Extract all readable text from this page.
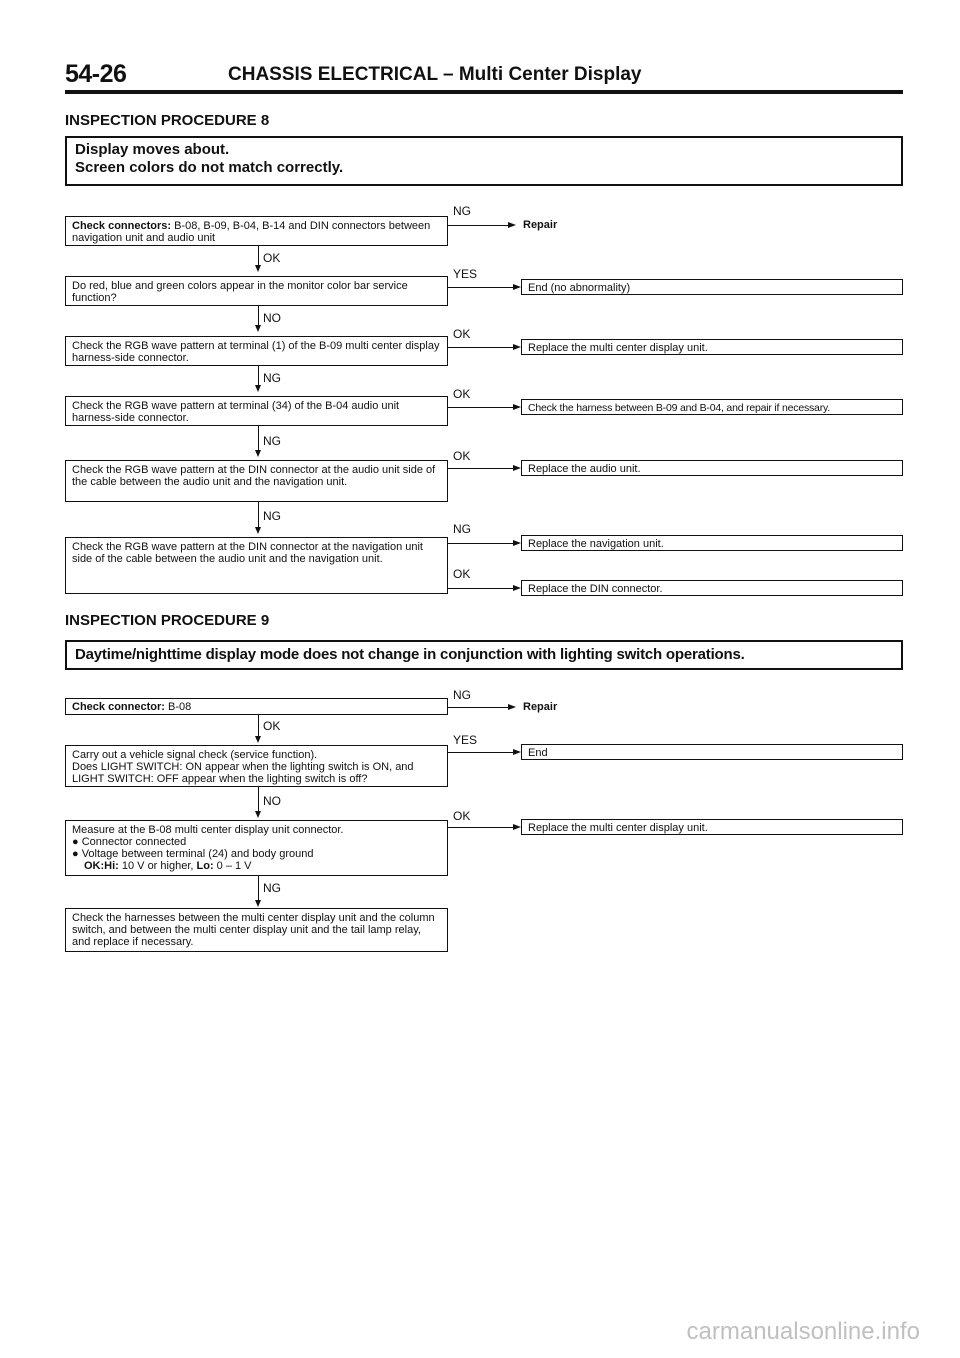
54-26	CHASSIS ELECTRICAL – Multi Center Display
INSPECTION PROCEDURE 8
Display moves about.
Screen colors do not match correctly.
Check connectors: B-08, B-09, B-04, B-14 and DIN connectors between navigation unit and audio unit
NG
Repair
OK
Do red, blue and green colors appear in the monitor color bar service function?
YES
End (no abnormality)
NO
Check the RGB wave pattern at terminal (1) of the B-09 multi center display harness-side connector.
OK
Replace the multi center display unit.
NG
Check the RGB wave pattern at terminal (34) of the B-04 audio unit harness-side connector.
OK
Check the harness between B-09 and B-04, and repair if necessary.
NG
Check the RGB wave pattern at the DIN connector at the audio unit side of the cable between the audio unit and the navigation unit.
OK
Replace the audio unit.
NG
Check the RGB wave pattern at the DIN connector at the navigation unit side of the cable between the audio unit and the navigation unit.
NG
Replace the navigation unit.
OK
Replace the DIN connector.
INSPECTION PROCEDURE 9
Daytime/nighttime display mode does not change in conjunction with lighting switch operations.
Check connector: B-08
NG
Repair
OK
Carry out a vehicle signal check (service function).
Does LIGHT SWITCH: ON appear when the lighting switch is ON, and LIGHT SWITCH: OFF appear when the lighting switch is off?
YES
End
NO
Measure at the B-08 multi center display unit connector.
● Connector connected
● Voltage between terminal (24) and body ground
OK:Hi: 10 V or higher, Lo: 0 – 1 V
OK
Replace the multi center display unit.
NG
Check the harnesses between the multi center display unit and the column switch, and between the multi center display unit and the tail lamp relay, and replace if necessary.
carmanualsonline.info
